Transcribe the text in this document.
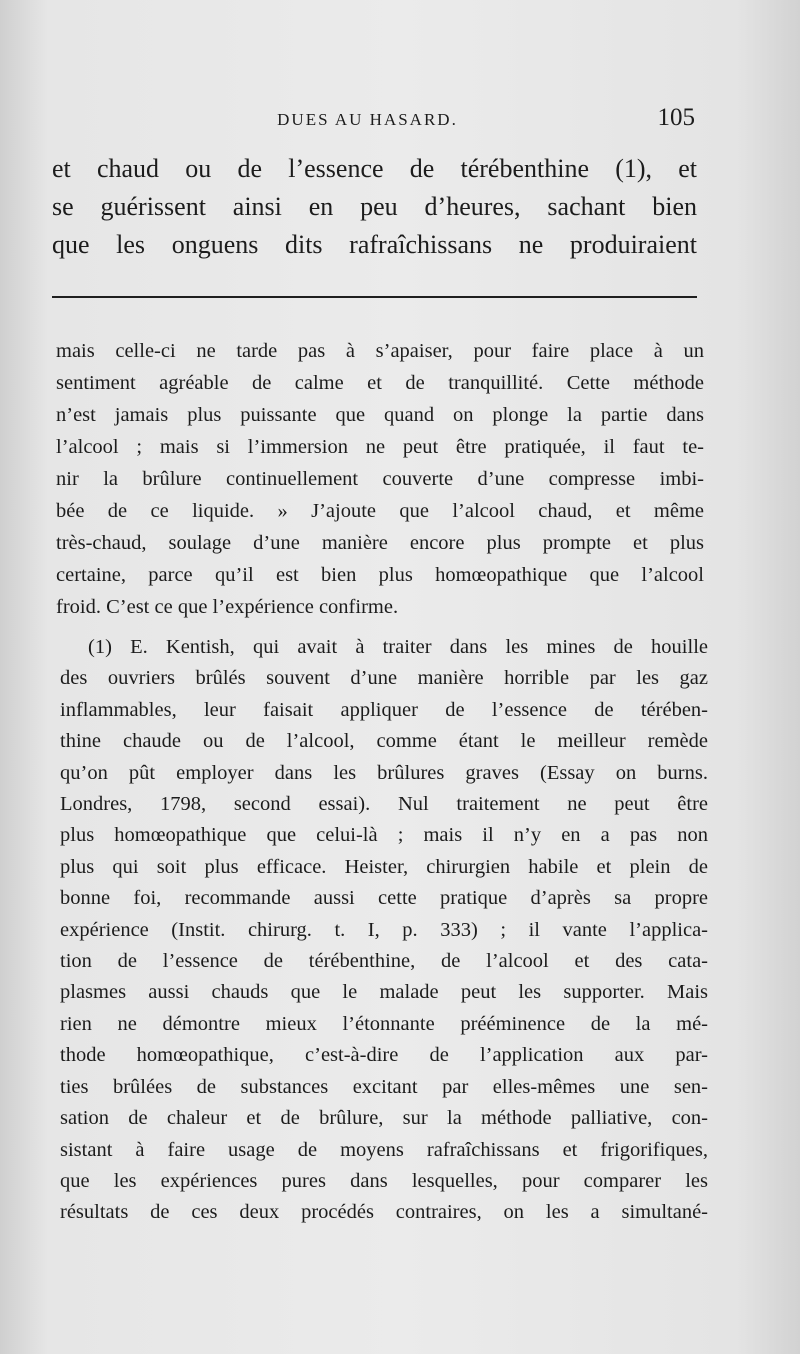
DUES AU HASARD.	105
et chaud ou de l’essence de térébenthine (1), et
se guérissent ainsi en peu d’heures, sachant bien
que les onguens dits rafraîchissans ne produiraient
mais celle-ci ne tarde pas à s’apaiser, pour faire place à un
sentiment agréable de calme et de tranquillité. Cette méthode
n’est jamais plus puissante que quand on plonge la partie dans
l’alcool ; mais si l’immersion ne peut être pratiquée, il faut te-
nir la brûlure continuellement couverte d’une compresse imbi-
bée de ce liquide. » J’ajoute que l’alcool chaud, et même
très-chaud, soulage d’une manière encore plus prompte et plus
certaine, parce qu’il est bien plus homœopathique que l’alcool
froid. C’est ce que l’expérience confirme.
(1) E. Kentish, qui avait à traiter dans les mines de houille
des ouvriers brûlés souvent d’une manière horrible par les gaz
inflammables, leur faisait appliquer de l’essence de térében-
thine chaude ou de l’alcool, comme étant le meilleur remède
qu’on pût employer dans les brûlures graves (Essay on burns.
Londres, 1798, second essai). Nul traitement ne peut être
plus homœopathique que celui-là ; mais il n’y en a pas non
plus qui soit plus efficace. Heister, chirurgien habile et plein de
bonne foi, recommande aussi cette pratique d’après sa propre
expérience (Instit. chirurg. t. I, p. 333) ; il vante l’applica-
tion de l’essence de térébenthine, de l’alcool et des cata-
plasmes aussi chauds que le malade peut les supporter. Mais
rien ne démontre mieux l’étonnante prééminence de la mé-
thode homœopathique, c’est-à-dire de l’application aux par-
ties brûlées de substances excitant par elles-mêmes une sen-
sation de chaleur et de brûlure, sur la méthode palliative, con-
sistant à faire usage de moyens rafraîchissans et frigorifiques,
que les expériences pures dans lesquelles, pour comparer les
résultats de ces deux procédés contraires, on les a simultané-
